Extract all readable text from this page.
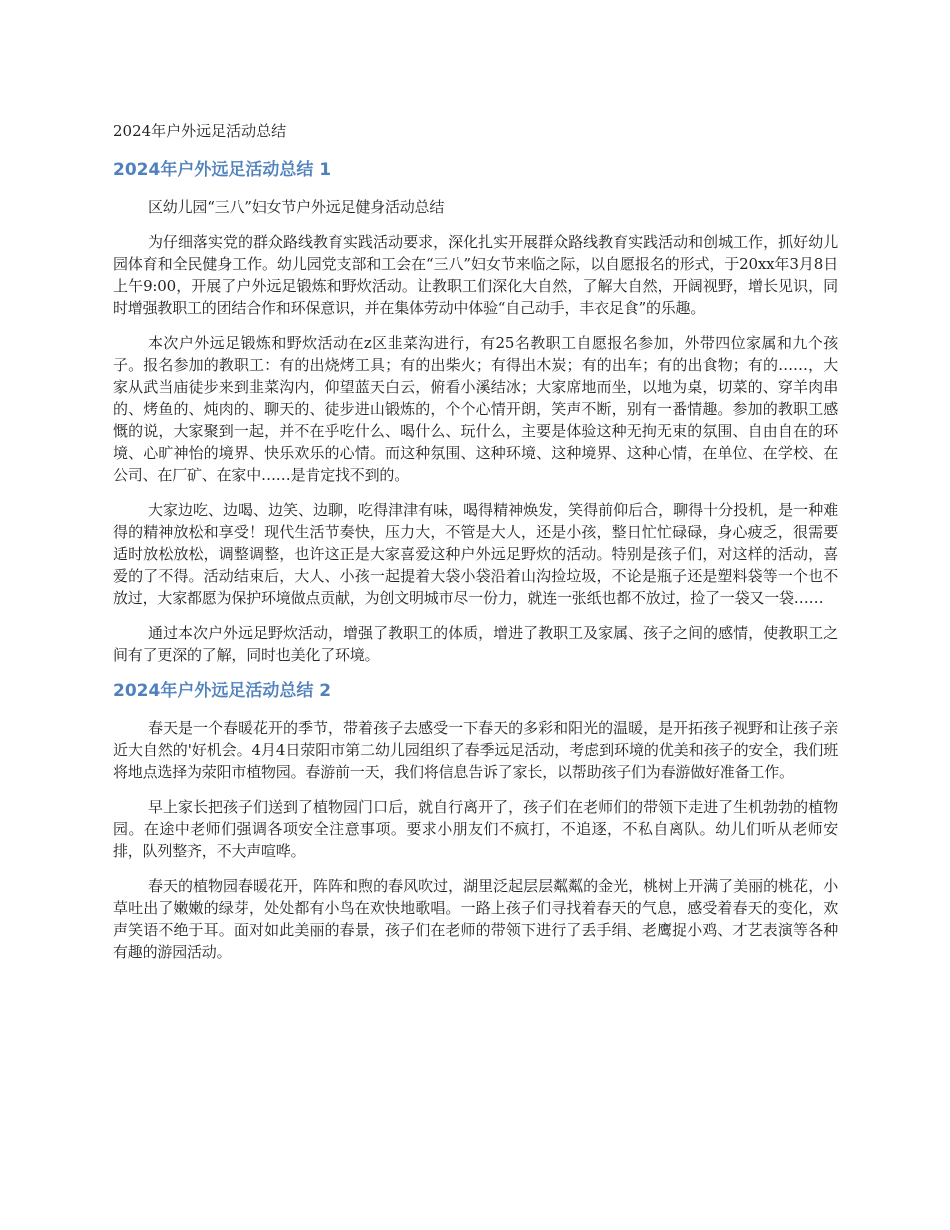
2024年户外远足活动总结
2024年户外远足活动总结 1

区幼儿园“三八”妇女节户外远足健身活动总结

为仔细落实党的群众路线教育实践活动要求，深化扎实开展群众路线教育实践活动和创城工作，抓好幼儿园体育和全民健身工作。幼儿园党支部和工会在“三八”妇女节来临之际，以自愿报名的形式，于20xx年3月8日上午9:00，开展了户外远足锻炼和野炊活动。让教职工们深化大自然，了解大自然，开阔视野，增长见识，同时增强教职工的团结合作和环保意识，并在集体劳动中体验“自己动手，丰衣足食”的乐趣。

本次户外远足锻炼和野炊活动在z区韭菜沟进行，有25名教职工自愿报名参加，外带四位家属和九个孩子。报名参加的教职工：有的出烧烤工具；有的出柴火；有得出木炭；有的出车；有的出食物；有的……，大家从武当庙徒步来到韭菜沟内，仰望蓝天白云，俯看小溪结冰；大家席地而坐，以地为桌，切菜的、穿羊肉串的、烤鱼的、炖肉的、聊天的、徒步进山锻炼的，个个心情开朗，笑声不断，别有一番情趣。参加的教职工感慨的说，大家聚到一起，并不在乎吃什么、喝什么、玩什么，主要是体验这种无拘无束的氛围、自由自在的环境、心旷神怡的境界、快乐欢乐的心情。而这种氛围、这种环境、这种境界、这种心情，在单位、在学校、在公司、在厂矿、在家中……是肯定找不到的。

大家边吃、边喝、边笑、边聊，吃得津津有味，喝得精神焕发，笑得前仰后合，聊得十分投机，是一种难得的精神放松和享受！现代生活节奏快，压力大，不管是大人，还是小孩，整日忙忙碌碌，身心疲乏，很需要适时放松放松，调整调整，也许这正是大家喜爱这种户外远足野炊的活动。特别是孩子们，对这样的活动，喜爱的了不得。活动结束后，大人、小孩一起提着大袋小袋沿着山沟捡垃圾，不论是瓶子还是塑料袋等一个也不放过，大家都愿为保护环境做点贡献，为创文明城市尽一份力，就连一张纸也都不放过，捡了一袋又一袋……

通过本次户外远足野炊活动，增强了教职工的体质，增进了教职工及家属、孩子之间的感情，使教职工之间有了更深的了解，同时也美化了环境。

2024年户外远足活动总结 2

春天是一个春暖花开的季节，带着孩子去感受一下春天的多彩和阳光的温暖，是开拓孩子视野和让孩子亲近大自然的'好机会。4月4日荥阳市第二幼儿园组织了春季远足活动，考虑到环境的优美和孩子的安全，我们班将地点选择为荥阳市植物园。春游前一天，我们将信息告诉了家长，以帮助孩子们为春游做好准备工作。

早上家长把孩子们送到了植物园门口后，就自行离开了，孩子们在老师们的带领下走进了生机勃勃的植物园。在途中老师们强调各项安全注意事项。要求小朋友们不疯打，不追逐，不私自离队。幼儿们听从老师安排，队列整齐，不大声喧哗。

春天的植物园春暖花开，阵阵和煦的春风吹过，湖里泛起层层粼粼的金光，桃树上开满了美丽的桃花，小草吐出了嫩嫩的绿芽，处处都有小鸟在欢快地歌唱。一路上孩子们寻找着春天的气息，感受着春天的变化，欢声笑语不绝于耳。面对如此美丽的春景，孩子们在老师的带领下进行了丢手绢、老鹰捉小鸡、才艺表演等各种有趣的游园活动。
